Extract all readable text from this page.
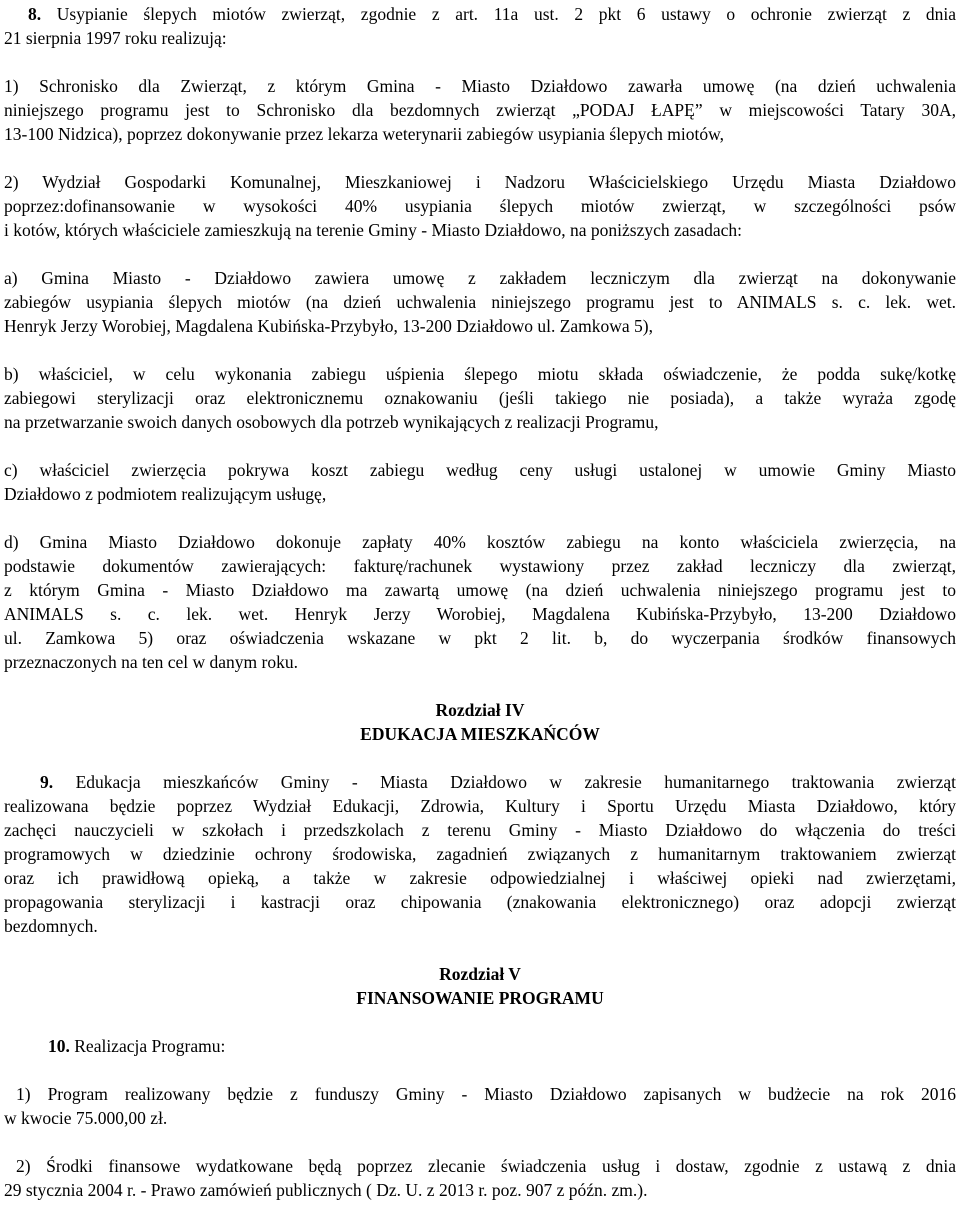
8. Usypianie ślepych miotów zwierząt, zgodnie z art. 11a ust. 2 pkt 6 ustawy o ochronie zwierząt z dnia
21 sierpnia 1997 roku realizują:
1) Schronisko dla Zwierząt, z którym Gmina - Miasto Działdowo zawarła umowę (na dzień uchwalenia
niniejszego programu jest to Schronisko dla bezdomnych zwierząt „PODAJ ŁAPĘ” w miejscowości Tatary 30A,
13-100 Nidzica), poprzez dokonywanie przez lekarza weterynarii zabiegów usypiania ślepych miotów,
2) Wydział Gospodarki Komunalnej, Mieszkaniowej i Nadzoru Właścicielskiego Urzędu Miasta Działdowo
poprzez:dofinansowanie w wysokości 40% usypiania ślepych miotów zwierząt, w szczególności psów
i kotów, których właściciele zamieszkują na terenie Gminy - Miasto Działdowo, na poniższych zasadach:
a) Gmina Miasto - Działdowo zawiera umowę z zakładem leczniczym dla zwierząt na dokonywanie
zabiegów usypiania ślepych miotów (na dzień uchwalenia niniejszego programu jest to ANIMALS s. c. lek. wet.
Henryk Jerzy Worobiej, Magdalena Kubińska-Przybyło, 13-200 Działdowo ul. Zamkowa 5),
b) właściciel, w celu wykonania zabiegu uśpienia ślepego miotu składa oświadczenie, że podda sukę/kotkę
zabiegowi sterylizacji oraz elektronicznemu oznakowaniu (jeśli takiego nie posiada), a także wyraża zgodę
na przetwarzanie swoich danych osobowych dla potrzeb wynikających z realizacji Programu,
c) właściciel zwierzęcia pokrywa koszt zabiegu według ceny usługi ustalonej w umowie Gminy Miasto
Działdowo z podmiotem realizującym usługę,
d) Gmina Miasto Działdowo dokonuje zapłaty 40% kosztów zabiegu na konto właściciela zwierzęcia, na
podstawie dokumentów zawierających: fakturę/rachunek wystawiony przez zakład leczniczy dla zwierząt,
z którym Gmina - Miasto Działdowo ma zawartą umowę (na dzień uchwalenia niniejszego programu jest to
ANIMALS s. c. lek. wet. Henryk Jerzy Worobiej, Magdalena Kubińska-Przybyło, 13-200 Działdowo
ul. Zamkowa 5) oraz oświadczenia wskazane w pkt 2 lit. b, do wyczerpania środków finansowych
przeznaczonych na ten cel w danym roku.
Rozdział IV
EDUKACJA MIESZKAŃCÓW
9. Edukacja mieszkańców Gminy - Miasta Działdowo w zakresie humanitarnego traktowania zwierząt
realizowana będzie poprzez Wydział Edukacji, Zdrowia, Kultury i Sportu Urzędu Miasta Działdowo, który
zachęci nauczycieli w szkołach i przedszkolach z terenu Gminy - Miasto Działdowo do włączenia do treści
programowych w dziedzinie ochrony środowiska, zagadnień związanych z humanitarnym traktowaniem zwierząt
oraz ich prawidłową opieką, a także w zakresie odpowiedzialnej i właściwej opieki nad zwierzętami,
propagowania sterylizacji i kastracji oraz chipowania (znakowania elektronicznego) oraz adopcji zwierząt
bezdomnych.
Rozdział V
FINANSOWANIE PROGRAMU
10. Realizacja Programu:
1) Program realizowany będzie z funduszy Gminy - Miasto Działdowo zapisanych w budżecie na rok 2016
w kwocie 75.000,00 zł.
2) Środki finansowe wydatkowane będą poprzez zlecanie świadczenia usług i dostaw, zgodnie z ustawą z dnia
29 stycznia 2004 r. - Prawo zamówień publicznych ( Dz. U. z 2013 r. poz. 907 z późn. zm.).
